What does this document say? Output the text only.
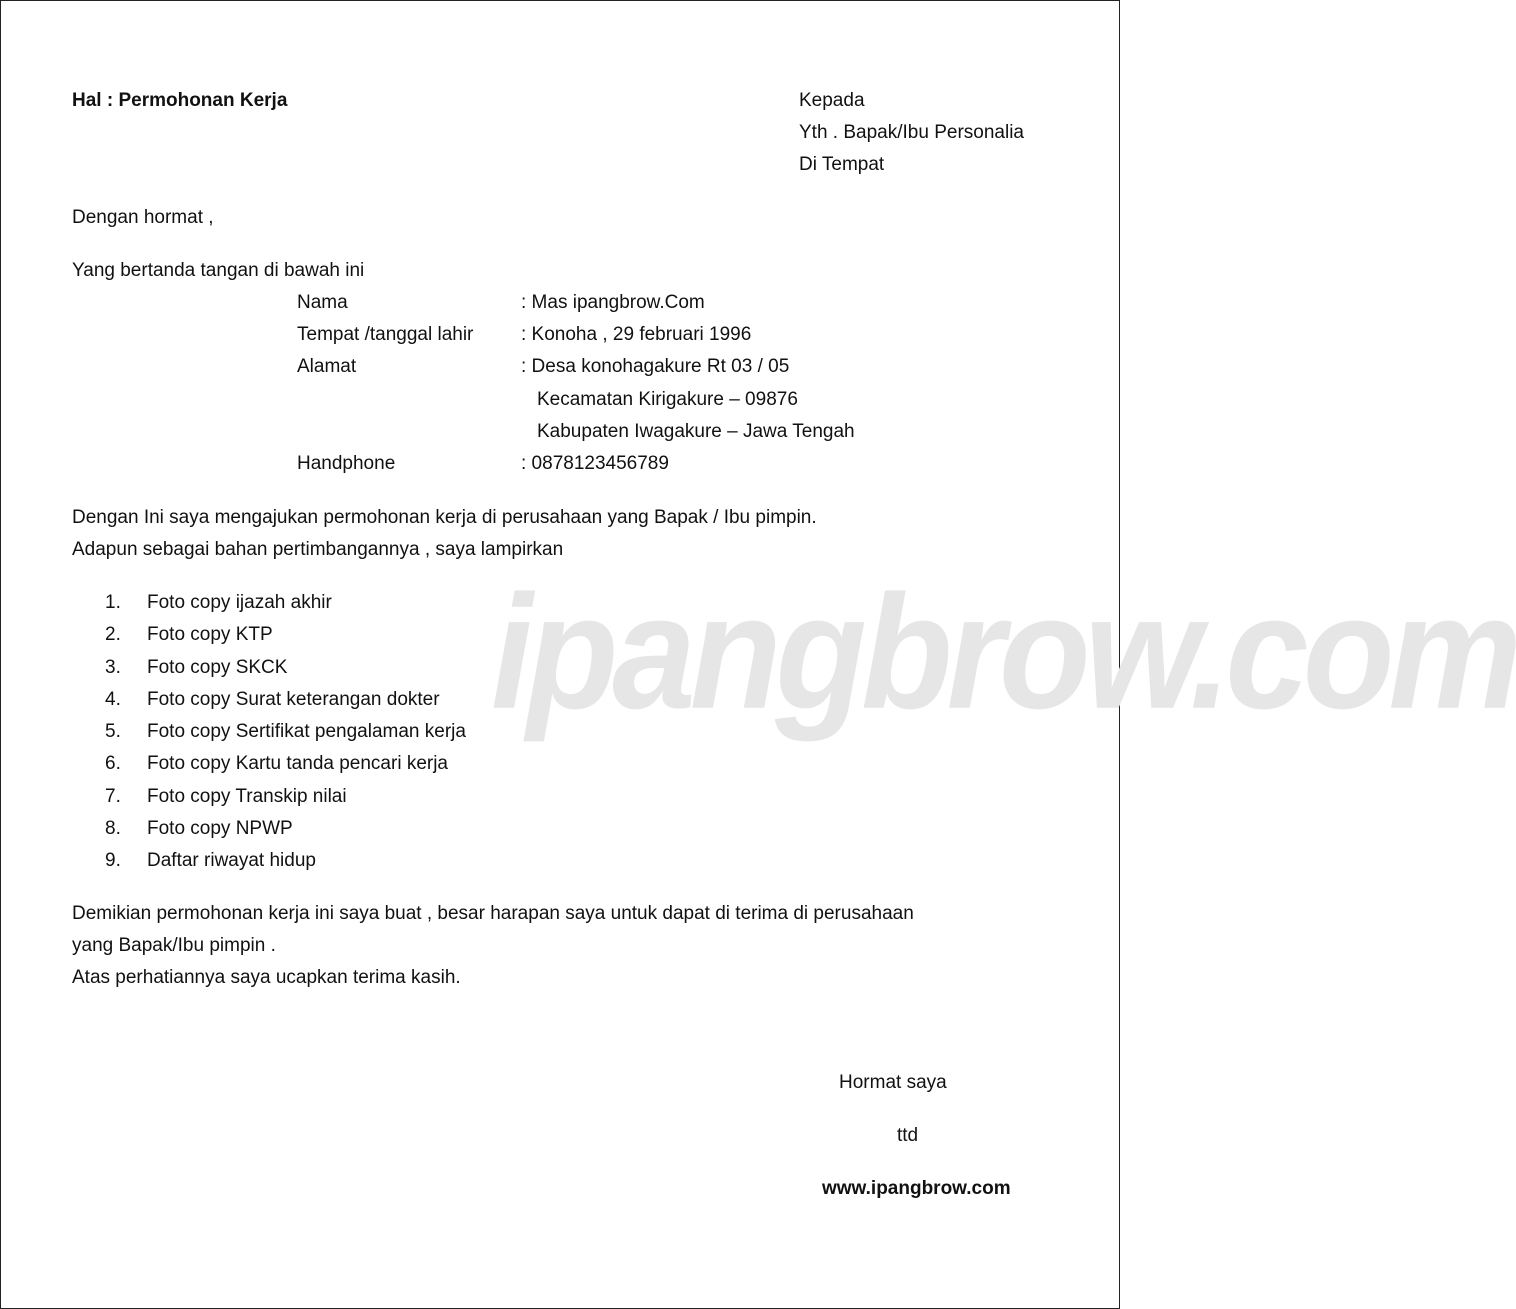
ipangbrow.com
Hal : Permohonan Kerja	Kepada
Yth . Bapak/Ibu Personalia
Di Tempat
Dengan hormat ,
Yang bertanda tangan di bawah ini
Nama	: Mas ipangbrow.Com
Tempat /tanggal lahir	: Konoha , 29 februari 1996
Alamat	: Desa konohagakure Rt 03 / 05
Kecamatan Kirigakure – 09876
Kabupaten Iwagakure – Jawa Tengah
Handphone	: 0878123456789
Dengan Ini saya mengajukan permohonan kerja di perusahaan yang Bapak / Ibu pimpin.
Adapun sebagai bahan pertimbangannya , saya lampirkan
1. Foto copy ijazah akhir
2. Foto copy KTP
3. Foto copy SKCK
4. Foto copy Surat keterangan dokter
5. Foto copy Sertifikat pengalaman kerja
6. Foto copy Kartu tanda pencari kerja
7. Foto copy Transkip nilai
8. Foto copy NPWP
9. Daftar riwayat hidup
Demikian permohonan kerja ini saya buat , besar harapan saya untuk dapat di terima di perusahaan
yang Bapak/Ibu pimpin .
Atas perhatiannya saya ucapkan terima kasih.
Hormat saya
ttd
www.ipangbrow.com
